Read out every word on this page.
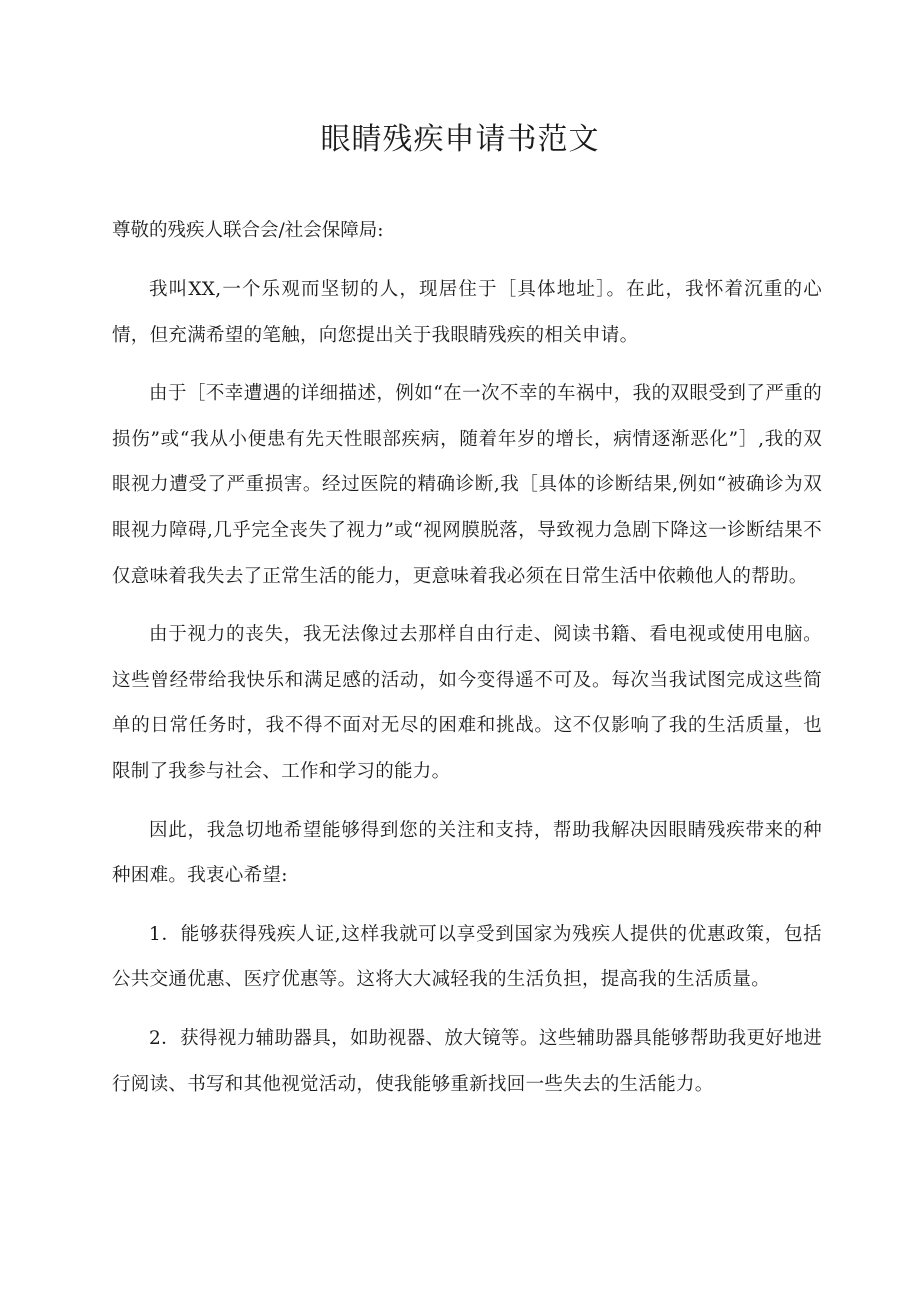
眼睛残疾申请书范文

尊敬的残疾人联合会/社会保障局:

我叫XX,一个乐观而坚韧的人，现居住于［具体地址］。在此，我怀着沉重的心情，但充满希望的笔触，向您提出关于我眼睛残疾的相关申请。

由于［不幸遭遇的详细描述，例如“在一次不幸的车祸中，我的双眼受到了严重的损伤”或“我从小便患有先天性眼部疾病，随着年岁的增长，病情逐渐恶化”］,我的双眼视力遭受了严重损害。经过医院的精确诊断,我［具体的诊断结果,例如“被确诊为双眼视力障碍,几乎完全丧失了视力”或“视网膜脱落，导致视力急剧下降这一诊断结果不仅意味着我失去了正常生活的能力，更意味着我必须在日常生活中依赖他人的帮助。

由于视力的丧失，我无法像过去那样自由行走、阅读书籍、看电视或使用电脑。这些曾经带给我快乐和满足感的活动，如今变得遥不可及。每次当我试图完成这些简单的日常任务时，我不得不面对无尽的困难和挑战。这不仅影响了我的生活质量，也限制了我参与社会、工作和学习的能力。

因此，我急切地希望能够得到您的关注和支持，帮助我解决因眼睛残疾带来的种种困难。我衷心希望:

1．能够获得残疾人证,这样我就可以享受到国家为残疾人提供的优惠政策，包括公共交通优惠、医疗优惠等。这将大大减轻我的生活负担，提高我的生活质量。

2．获得视力辅助器具，如助视器、放大镜等。这些辅助器具能够帮助我更好地进行阅读、书写和其他视觉活动，使我能够重新找回一些失去的生活能力。
